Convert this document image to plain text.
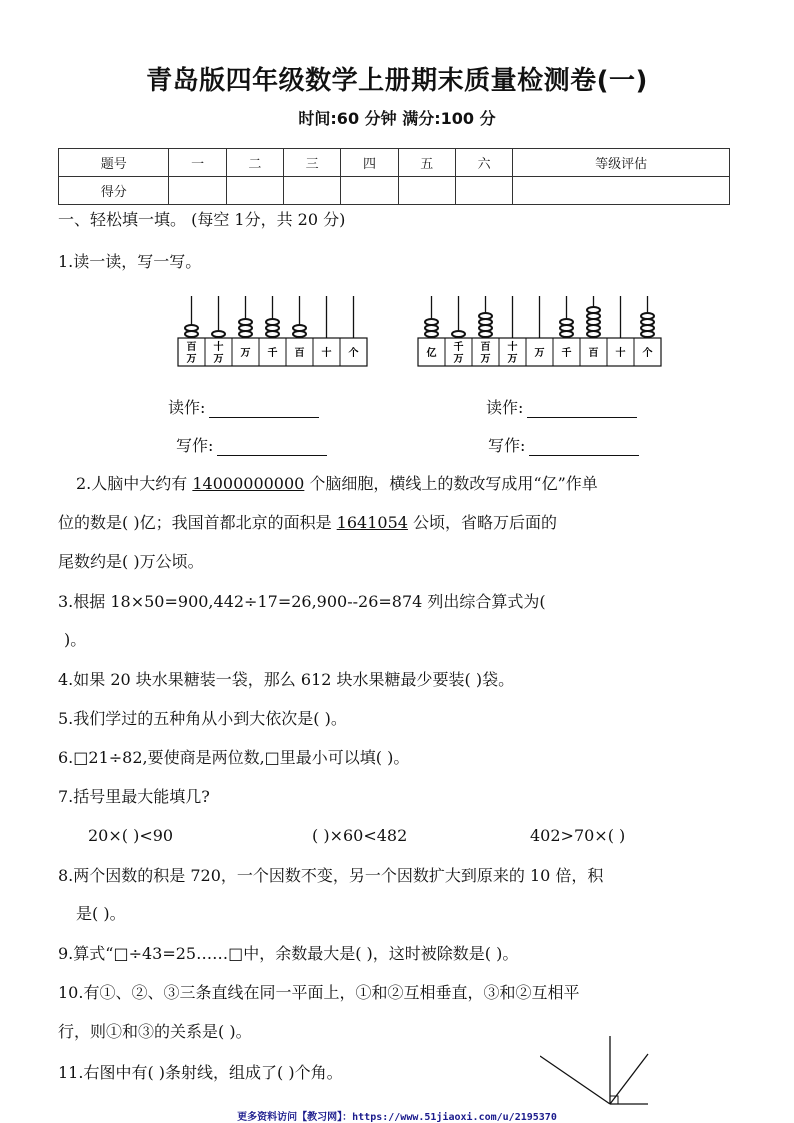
青岛版四年级数学上册期末质量检测卷(一)
时间:60 分钟 满分:100 分
题号	一	二	三	四	五	六	等级评估
得分							
一、轻松填一填。 (每空 1分，共 20 分)
1.读一读，写一写。
百万
十万
万 千 百 十 个	亿
千万
百万
十万
万 千 百 十 个
读作:	读作:
写作:	写作:
2.人脑中大约有 14000000000 个脑细胞，横线上的数改写成用“亿”作单
位的数是( )亿；我国首都北京的面积是 1641054 公顷，省略万后面的
尾数约是( )万公顷。
3.根据 18×50=900,442÷17=26,900--26=874 列出综合算式为(
)。
4.如果 20 块水果糖装一袋，那么 612 块水果糖最少要装( )袋。
5.我们学过的五种角从小到大依次是( )。
6.□21÷82,要使商是两位数,□里最小可以填( )。
7.括号里最大能填几?
20×( )<90	( )×60<482	402>70×( )
8.两个因数的积是 720，一个因数不变，另一个因数扩大到原来的 10 倍，积
是( )。
9.算式“□÷43=25……□中，余数最大是( )，这时被除数是( )。
10.有①、②、③三条直线在同一平面上，①和②互相垂直，③和②互相平
行，则①和③的关系是( )。
11.右图中有( )条射线，组成了( )个角。
更多资料访问【教习网】：https://www.51jiaoxi.com/u/2195370
